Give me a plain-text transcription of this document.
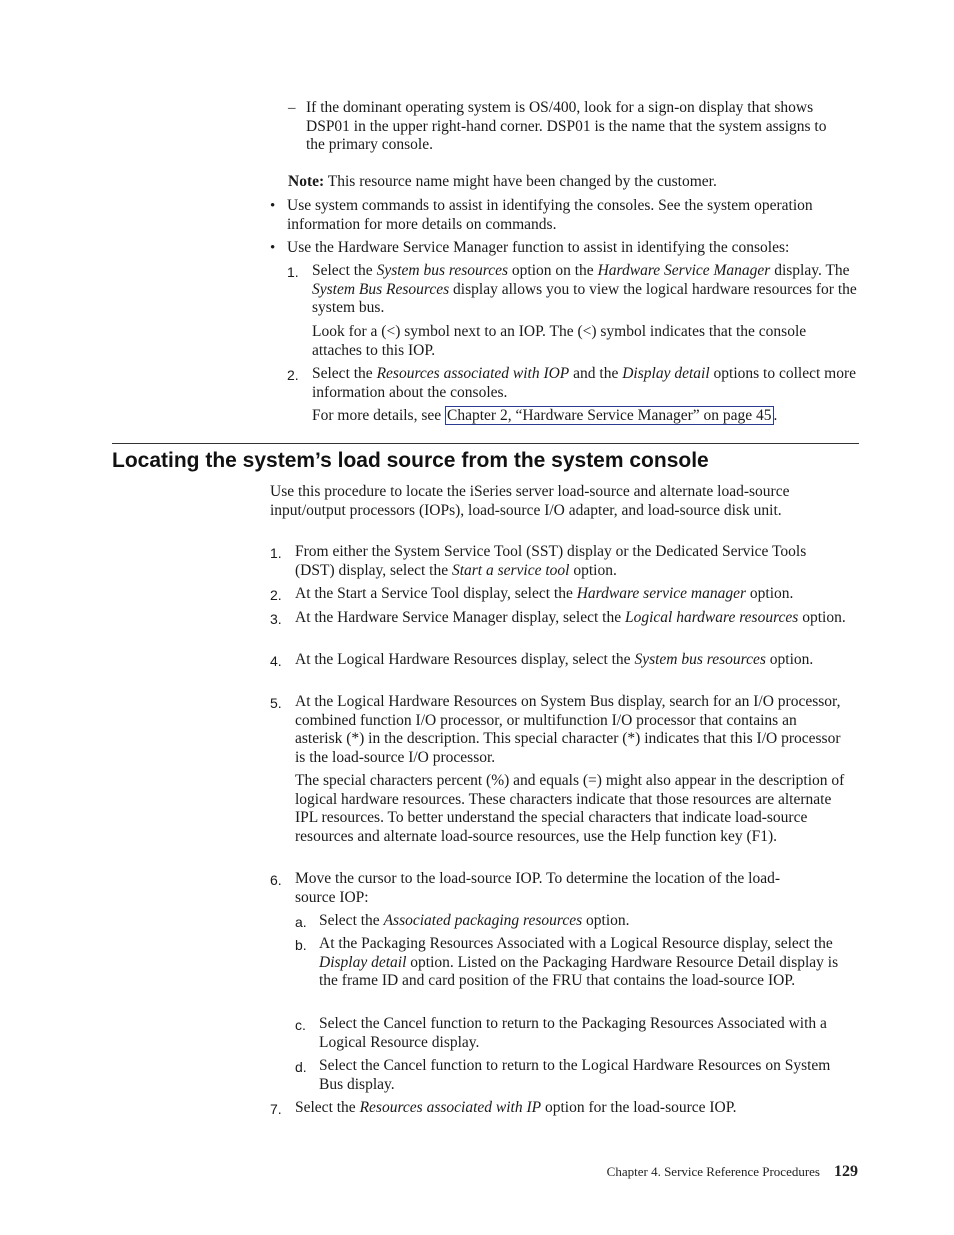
– If the dominant operating system is OS/400, look for a sign-on display that shows DSP01 in the upper right-hand corner. DSP01 is the name that the system assigns to the primary console.

Note: This resource name might have been changed by the customer.

• Use system commands to assist in identifying the consoles. See the system operation information for more details on commands.

• Use the Hardware Service Manager function to assist in identifying the consoles:

1. Select the System bus resources option on the Hardware Service Manager display. The System Bus Resources display allows you to view the logical hardware resources for the system bus.

Look for a (<) symbol next to an IOP. The (<) symbol indicates that the console attaches to this IOP.

2. Select the Resources associated with IOP and the Display detail options to collect more information about the consoles.

For more details, see Chapter 2, “Hardware Service Manager” on page 45 .

Locating the system’s load source from the system console

Use this procedure to locate the iSeries server load-source and alternate load-source input/output processors (IOPs), load-source I/O adapter, and load-source disk unit.

1. From either the System Service Tool (SST) display or the Dedicated Service Tools (DST) display, select the Start a service tool option.

2. At the Start a Service Tool display, select the Hardware service manager option.

3. At the Hardware Service Manager display, select the Logical hardware resources option.

4. At the Logical Hardware Resources display, select the System bus resources option.

5. At the Logical Hardware Resources on System Bus display, search for an I/O processor, combined function I/O processor, or multifunction I/O processor that contains an asterisk (*) in the description. This special character (*) indicates that this I/O processor is the load-source I/O processor.

The special characters percent (%) and equals (=) might also appear in the description of logical hardware resources. These characters indicate that those resources are alternate IPL resources. To better understand the special characters that indicate load-source resources and alternate load-source resources, use the Help function key (F1).

6. Move the cursor to the load-source IOP. To determine the location of the load-source IOP:

a. Select the Associated packaging resources option.

b. At the Packaging Resources Associated with a Logical Resource display, select the Display detail option. Listed on the Packaging Hardware Resource Detail display is the frame ID and card position of the FRU that contains the load-source IOP.

c. Select the Cancel function to return to the Packaging Resources Associated with a Logical Resource display.

d. Select the Cancel function to return to the Logical Hardware Resources on System Bus display.

7. Select the Resources associated with IP option for the load-source IOP.

Chapter 4. Service Reference Procedures 129
